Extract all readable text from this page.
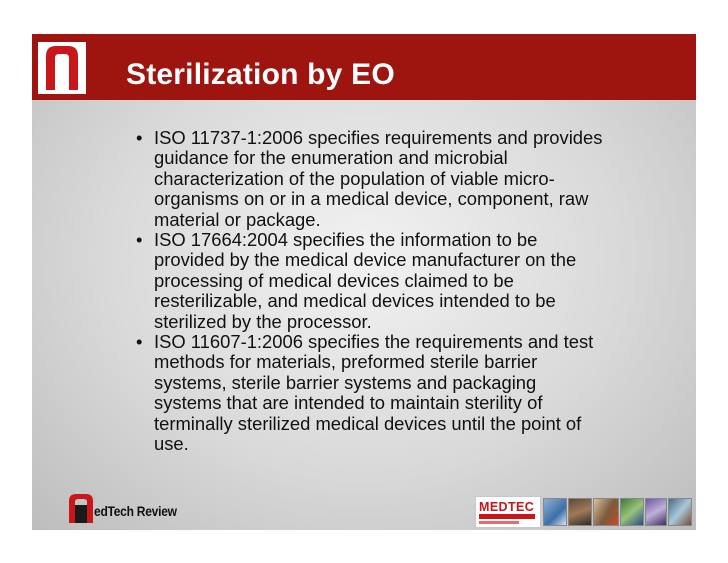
Sterilization by EO
• ISO 11737-1:2006 specifies requirements and provides
guidance for the enumeration and microbial
characterization of the population of viable micro-
organisms on or in a medical device, component, raw
material or package.
• ISO 17664:2004 specifies the information to be
provided by the medical device manufacturer on the
processing of medical devices claimed to be
resterilizable, and medical devices intended to be
sterilized by the processor.
• ISO 11607-1:2006 specifies the requirements and test
methods for materials, preformed sterile barrier
systems, sterile barrier systems and packaging
systems that are intended to maintain sterility of
terminally sterilized medical devices until the point of
use.
edTech Review	MEDTEC
